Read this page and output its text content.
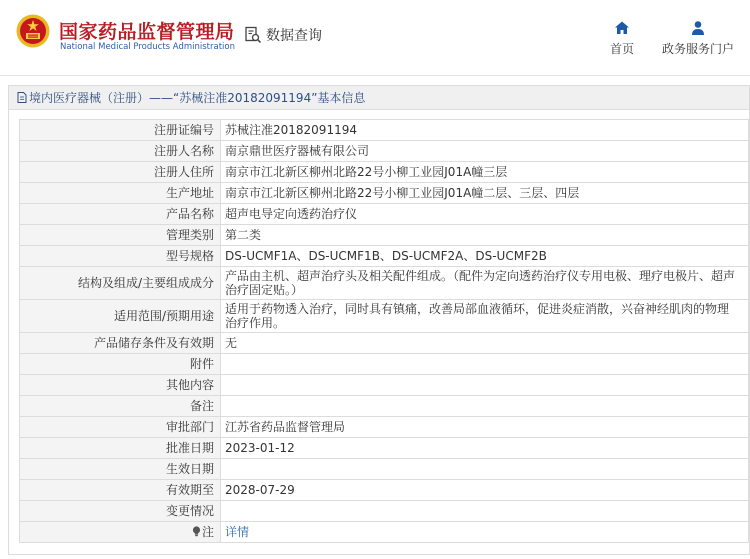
国家药品监督管理局
National Medical Products Administration
数据查询
首页 政务服务门户
境内医疗器械（注册）——“苏械注准20182091194”基本信息
注册证编号	苏械注准20182091194
注册人名称	南京鼎世医疗器械有限公司
注册人住所	南京市江北新区柳州北路22号小柳工业园J01A幢三层
生产地址	南京市江北新区柳州北路22号小柳工业园J01A幢二层、三层、四层
产品名称	超声电导定向透药治疗仪
管理类别	第二类
型号规格	DS-UCMF1A、DS-UCMF1B、DS-UCMF2A、DS-UCMF2B
结构及组成/主要组成成分	产品由主机、超声治疗头及相关配件组成。（配件为定向透药治疗仪专用电极、理疗电极片、超声治疗固定贴。）
适用范围/预期用途	适用于药物透入治疗，同时具有镇痛，改善局部血液循环，促进炎症消散，兴奋神经肌肉的物理治疗作用。
产品储存条件及有效期	无
附件	
其他内容	
备注	
审批部门	江苏省药品监督管理局
批准日期	2023-01-12
生效日期	
有效期至	2028-07-29
变更情况	
注	详情
